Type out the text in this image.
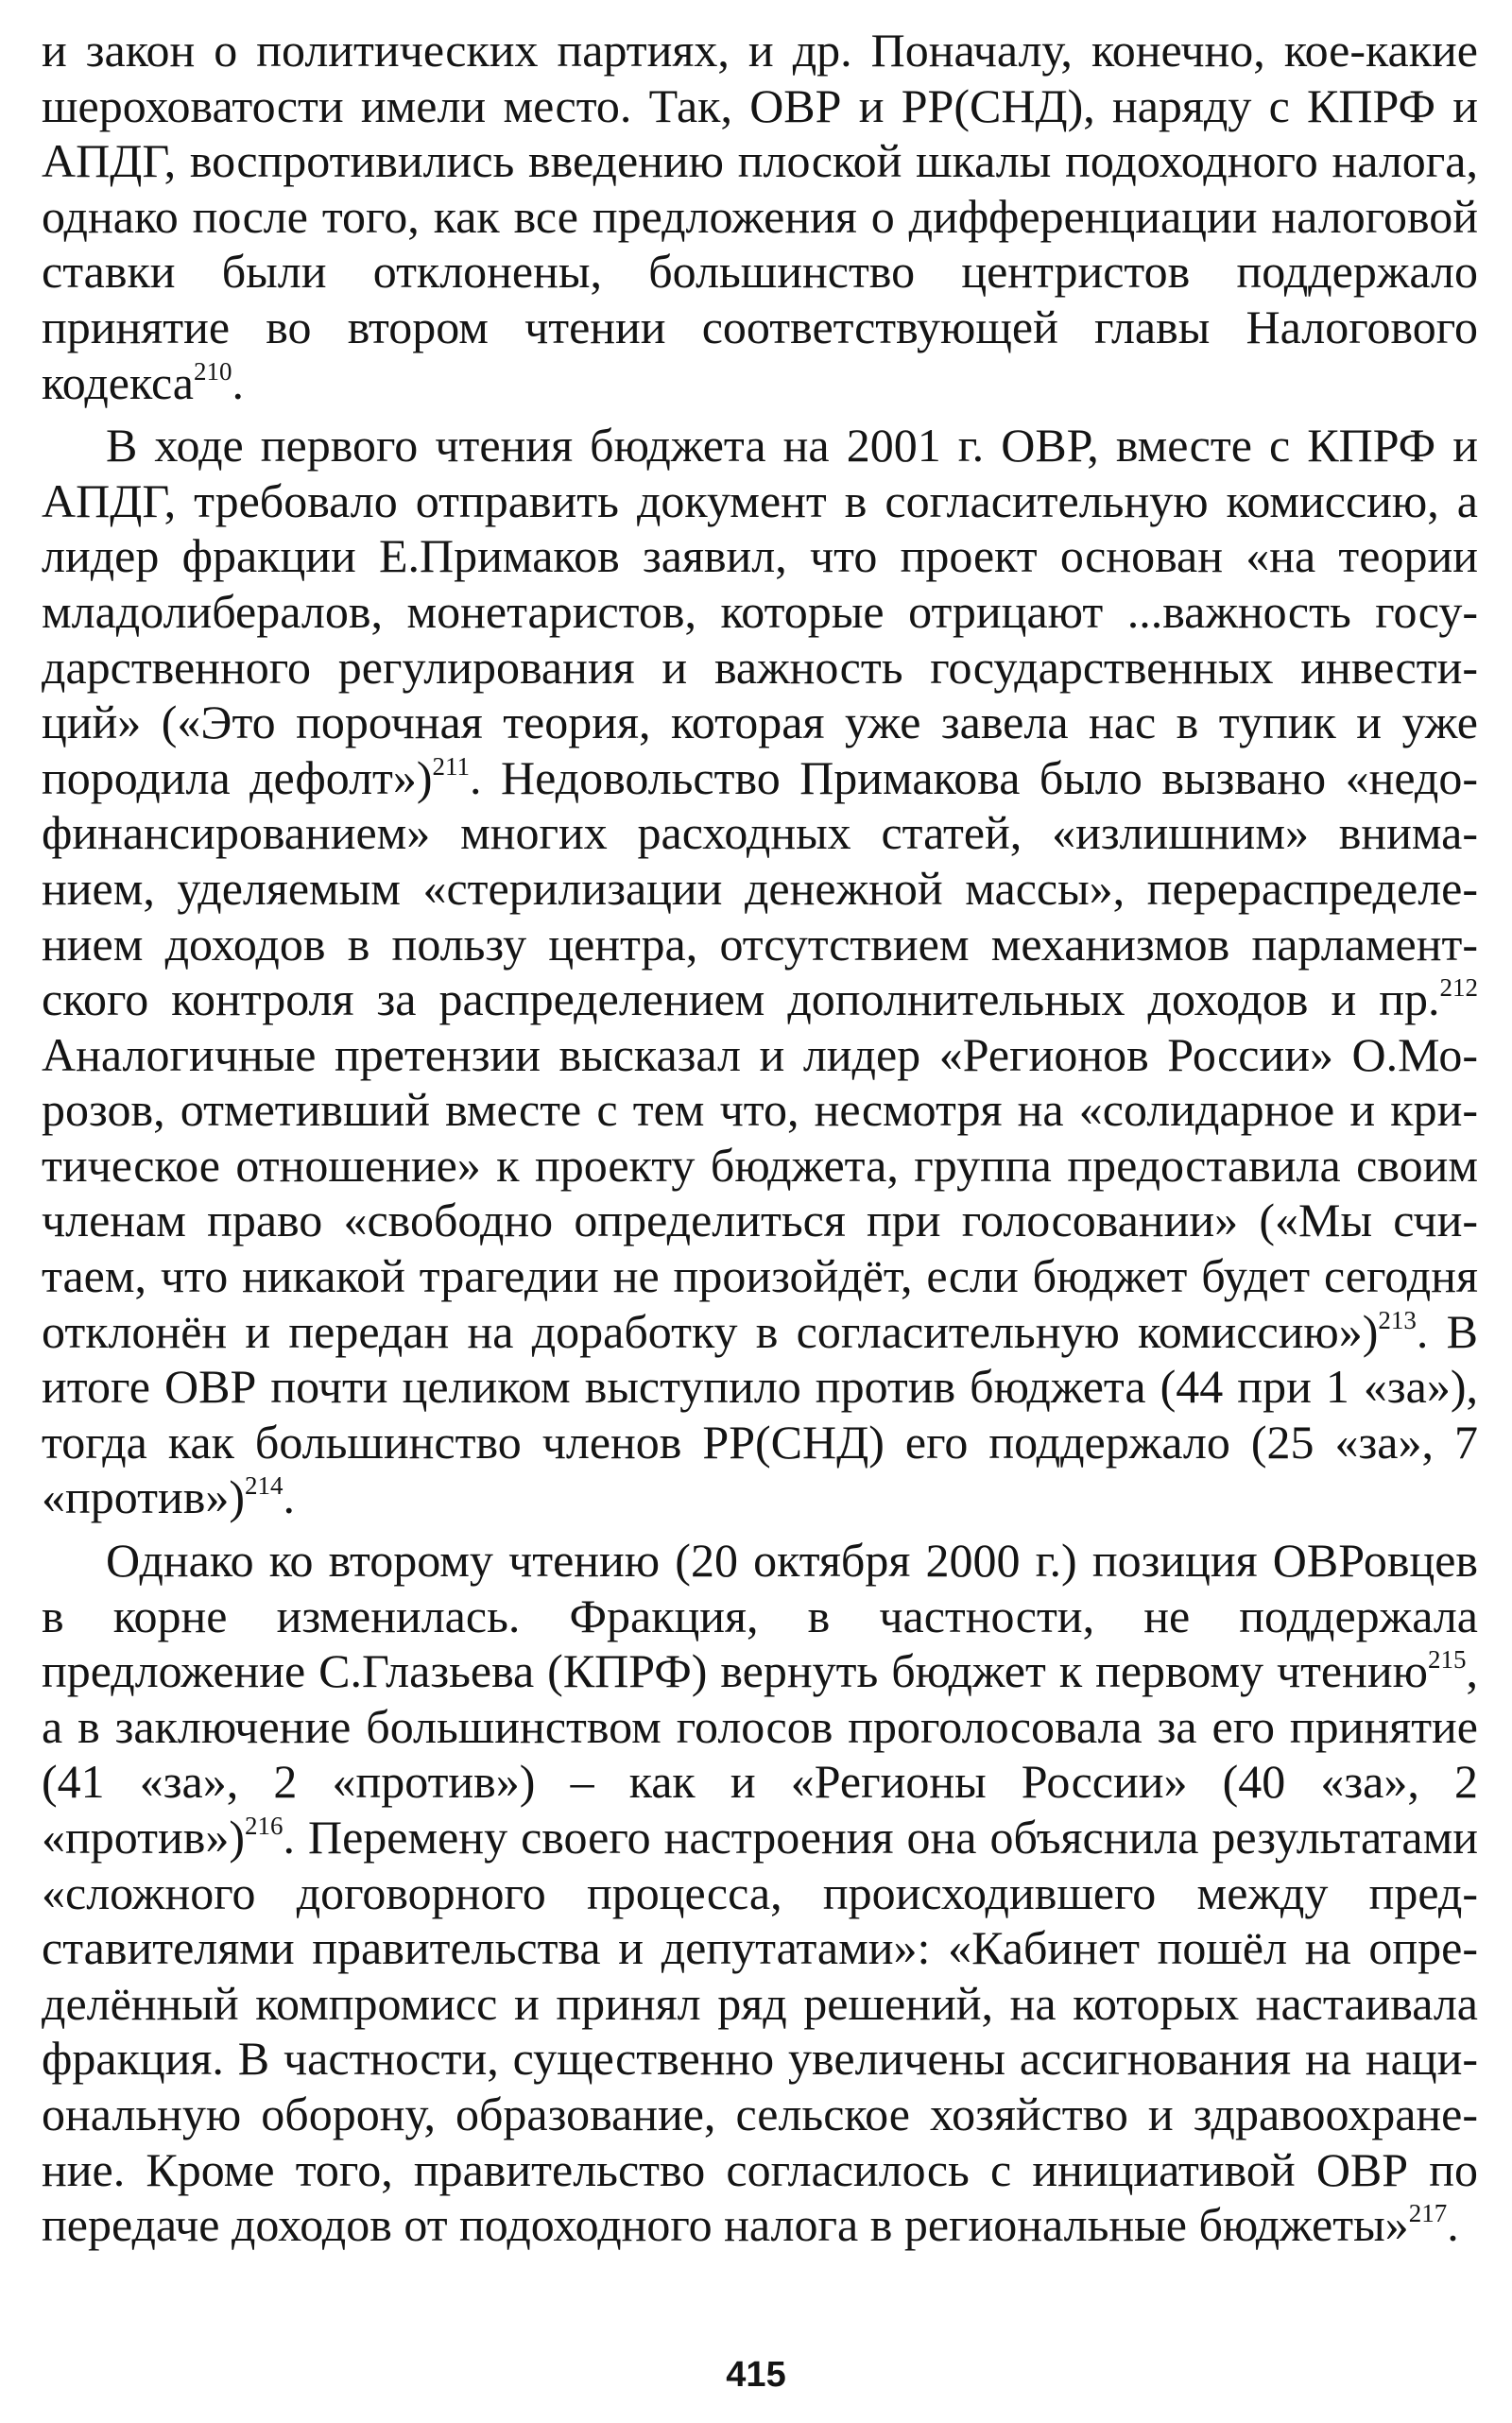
и закон о политических партиях, и др. Поначалу, конечно, кое-какие шероховатости имели место. Так, ОВР и РР(СНД), наряду с КПРФ и АПДГ, воспротивились введению плоской шкалы подоходного налога, однако после того, как все предложения о дифференциации налоговой ставки были отклонены, большинство центристов поддержало принятие во втором чтении соответствующей главы Налогового кодекса$^{210}$.

В ходе первого чтения бюджета на 2001 г. ОВР, вместе с КПРФ и АПДГ, требовало отправить документ в согласительную комиссию, а лидер фракции Е.Примаков заявил, что проект основан «на теории младолибералов, монетаристов, которые отрицают ...важность государственного регулирования и важность государственных инвестиций» («Это порочная теория, которая уже завела нас в тупик и уже породила дефолт»)$^{211}$. Недовольство Примакова было вызвано «недофинансированием» многих расходных статей, «излишним» вниманием, уделяемым «стерилизации денежной массы», перераспределением доходов в пользу центра, отсутствием механизмов парламентского контроля за распределением дополнительных доходов и пр.$^{212}$ Аналогичные претензии высказал и лидер «Регионов России» О.Морозов, отметивший вместе с тем что, несмотря на «солидарное и критическое отношение» к проекту бюджета, группа предоставила своим членам право «свободно определиться при голосовании» («Мы считаем, что никакой трагедии не произойдёт, если бюджет будет сегодня отклонён и передан на доработку в согласительную комиссию»)$^{213}$. В итоге ОВР почти целиком выступило против бюджета (44 при 1 «за»), тогда как большинство членов РР(СНД) его поддержало (25 «за», 7 «против»)$^{214}$.

Однако ко второму чтению (20 октября 2000 г.) позиция ОВРовцев в корне изменилась. Фракция, в частности, не поддержала предложение С.Глазьева (КПРФ) вернуть бюджет к первому чтению$^{215}$, а в заключение большинством голосов проголосовала за его принятие (41 «за», 2 «против») – как и «Регионы России» (40 «за», 2 «против»)$^{216}$. Перемену своего настроения она объяснила результатами «сложного договорного процесса, происходившего между представителями правительства и депутатами»: «Кабинет пошёл на определённый компромисс и принял ряд решений, на которых настаивала фракция. В частности, существенно увеличены ассигнования на национальную оборону, образование, сельское хозяйство и здравоохранение. Кроме того, правительство согласилось с инициативой ОВР по передаче доходов от подоходного налога в региональные бюджеты»$^{217}$.

415
